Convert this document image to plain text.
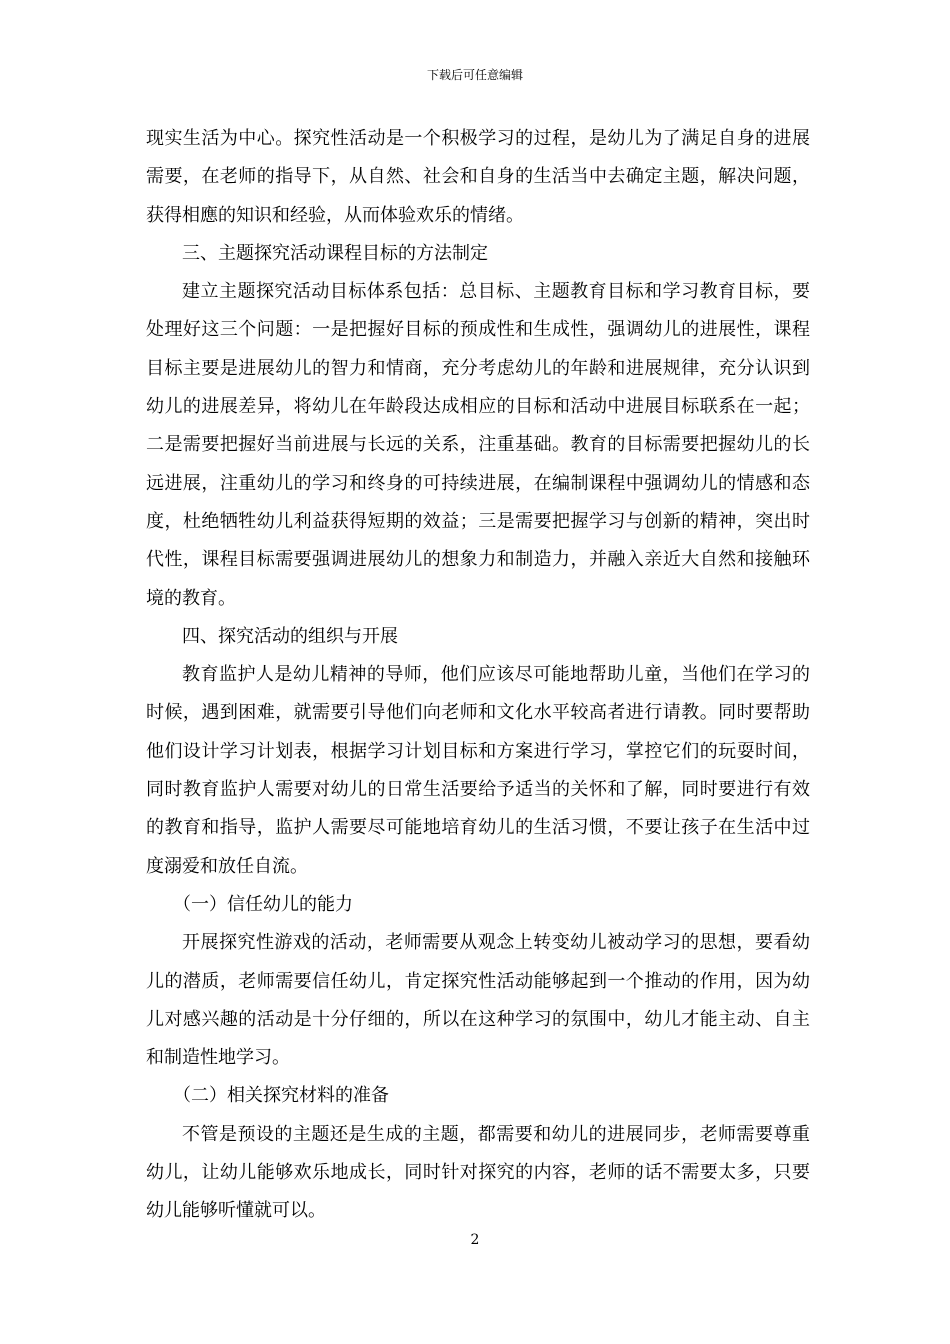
下载后可任意编辑

现实生活为中心。探究性活动是一个积极学习的过程，是幼儿为了满足自身的进展需要，在老师的指导下，从自然、社会和自身的生活当中去确定主题，解决问题，获得相應的知识和经验，从而体验欢乐的情绪。

三、主题探究活动课程目标的方法制定

建立主题探究活动目标体系包括：总目标、主题教育目标和学习教育目标，要处理好这三个问题：一是把握好目标的预成性和生成性，强调幼儿的进展性，课程目标主要是进展幼儿的智力和情商，充分考虑幼儿的年龄和进展规律，充分认识到幼儿的进展差异，将幼儿在年龄段达成相应的目标和活动中进展目标联系在一起；二是需要把握好当前进展与长远的关系，注重基础。教育的目标需要把握幼儿的长远进展，注重幼儿的学习和终身的可持续进展，在编制课程中强调幼儿的情感和态度，杜绝牺牲幼儿利益获得短期的效益；三是需要把握学习与创新的精神，突出时代性，课程目标需要强调进展幼儿的想象力和制造力，并融入亲近大自然和接触环境的教育。

四、探究活动的组织与开展

教育监护人是幼儿精神的导师，他们应该尽可能地帮助儿童，当他们在学习的时候，遇到困难，就需要引导他们向老师和文化水平较高者进行请教。同时要帮助他们设计学习计划表，根据学习计划目标和方案进行学习，掌控它们的玩耍时间，同时教育监护人需要对幼儿的日常生活要给予适当的关怀和了解，同时要进行有效的教育和指导，监护人需要尽可能地培育幼儿的生活习惯，不要让孩子在生活中过度溺爱和放任自流。

（一）信任幼儿的能力

开展探究性游戏的活动，老师需要从观念上转变幼儿被动学习的思想，要看幼儿的潜质，老师需要信任幼儿，肯定探究性活动能够起到一个推动的作用，因为幼儿对感兴趣的活动是十分仔细的，所以在这种学习的氛围中，幼儿才能主动、自主和制造性地学习。

（二）相关探究材料的准备

不管是预设的主题还是生成的主题，都需要和幼儿的进展同步，老师需要尊重幼儿，让幼儿能够欢乐地成长，同时针对探究的内容，老师的话不需要太多，只要幼儿能够听懂就可以。

2
